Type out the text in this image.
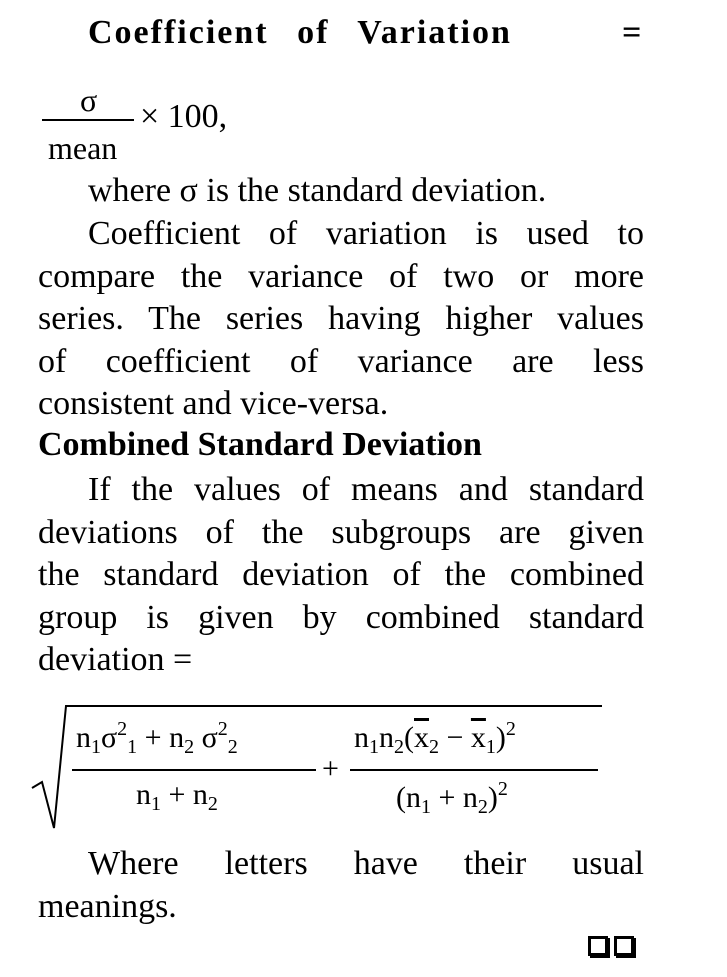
Coefficient of Variation	=
σ
mean
× 100,
where σ is the standard deviation.
Coefficient of variation is used to
compare the variance of two or more
series. The series having higher values
of coefficient of variance are less
consistent and vice-versa.
Combined Standard Deviation
If the values of means and standard
deviations of the subgroups are given
the standard deviation of the combined
group is given by combined standard
deviation =
$n_1\sigma^2_1 + n_2$ $\sigma^2_2$
$n_1 + n_2$
+
$n_1n_2(\overline{x}_2 - \overline{x}_1)^2$
$(n_1 + n_2)^2$
Where letters have their usual
meanings.
